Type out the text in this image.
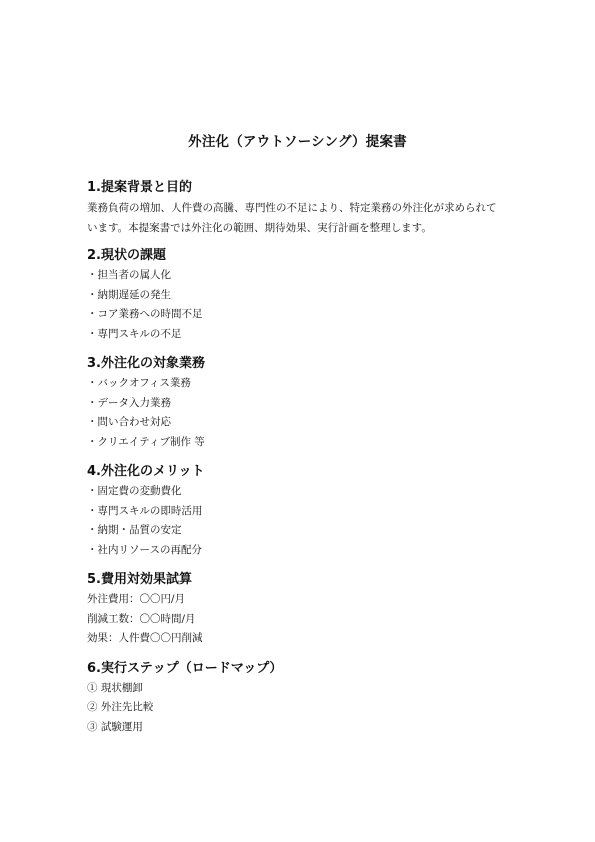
外注化（アウトソーシング）提案書
1.提案背景と目的

業務負荷の増加、人件費の高騰、専門性の不足により、特定業務の外注化が求められて

います。本提案書では外注化の範囲、期待効果、実行計画を整理します。

2.現状の課題
・担当者の属人化
・納期遅延の発生
・コア業務への時間不足
・専門スキルの不足
3.外注化の対象業務
・バックオフィス業務
・データ入力業務
・問い合わせ対応
・クリエイティブ制作 等
4.外注化のメリット
・固定費の変動費化
・専門スキルの即時活用
・納期・品質の安定
・社内リソースの再配分
5.費用対効果試算
外注費用：〇〇円/月
削減工数：〇〇時間/月
効果：人件費〇〇円削減
6.実行ステップ（ロードマップ）
① 現状棚卸
② 外注先比較
③ 試験運用
